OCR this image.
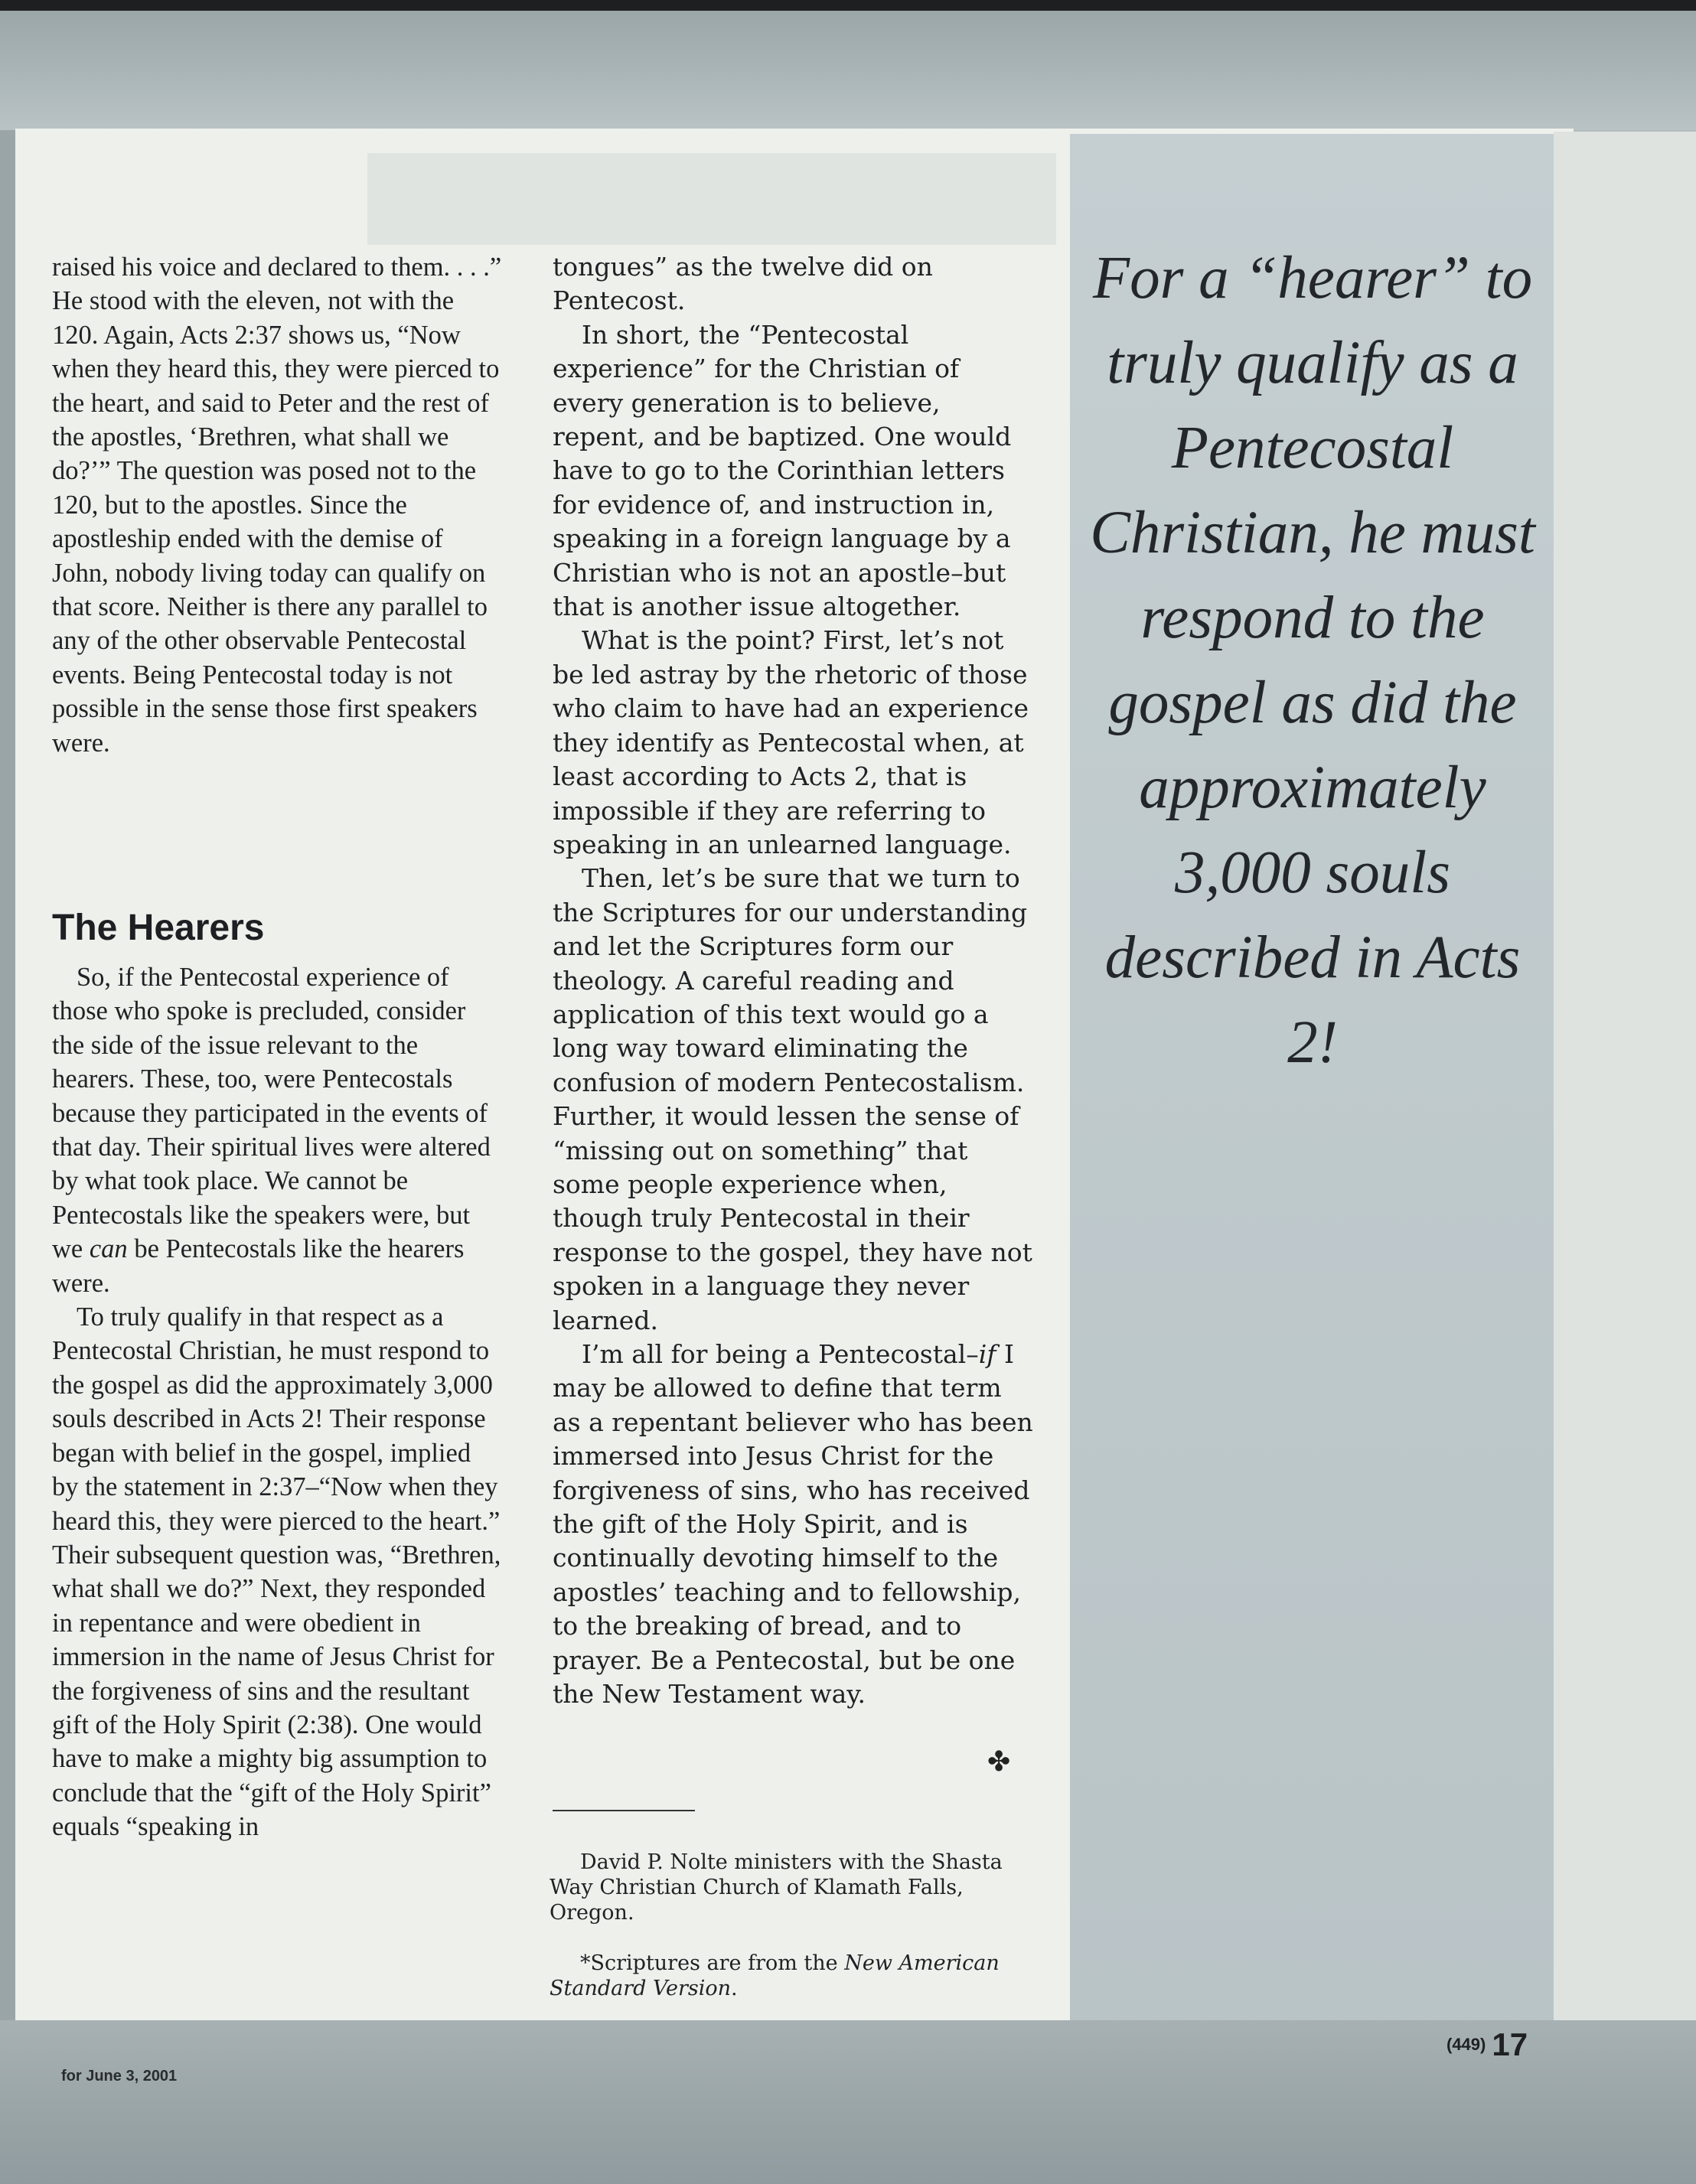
raised his voice and declared to them. . . .” He stood with the eleven, not with the 120. Again, Acts 2:37 shows us, “Now when they heard this, they were pierced to the heart, and said to Peter and the rest of the apostles, ‘Brethren, what shall we do?’” The question was posed not to the 120, but to the apostles. Since the apostleship ended with the demise of John, nobody living today can qualify on that score. Neither is there any parallel to any of the other observable Pentecostal events. Being Pentecostal today is not possible in the sense those first speakers were.

The Hearers

So, if the Pentecostal experience of those who spoke is precluded, consider the side of the issue relevant to the hearers. These, too, were Pentecostals because they participated in the events of that day. Their spiritual lives were altered by what took place. We cannot be Pentecostals like the speakers were, but we can be Pentecostals like the hearers were.

To truly qualify in that respect as a Pentecostal Christian, he must respond to the gospel as did the approximately 3,000 souls described in Acts 2! Their response began with belief in the gospel, implied by the statement in 2:37–“Now when they heard this, they were pierced to the heart.” Their subsequent question was, “Brethren, what shall we do?” Next, they responded in repentance and were obedient in immersion in the name of Jesus Christ for the forgiveness of sins and the resultant gift of the Holy Spirit (2:38). One would have to make a mighty big assumption to conclude that the “gift of the Holy Spirit” equals “speaking in

tongues” as the twelve did on Pentecost.

In short, the “Pentecostal experience” for the Christian of every generation is to believe, repent, and be baptized. One would have to go to the Corinthian letters for evidence of, and instruction in, speaking in a foreign language by a Christian who is not an apostle–but that is another issue altogether.

What is the point? First, let’s not be led astray by the rhetoric of those who claim to have had an experience they identify as Pentecostal when, at least according to Acts 2, that is impossible if they are referring to speaking in an unlearned language.

Then, let’s be sure that we turn to the Scriptures for our understanding and let the Scriptures form our theology. A careful reading and application of this text would go a long way toward eliminating the confusion of modern Pentecostalism. Further, it would lessen the sense of “missing out on something” that some people experience when, though truly Pentecostal in their response to the gospel, they have not spoken in a language they never learned.

I’m all for being a Pentecostal–if I may be allowed to define that term as a repentant believer who has been immersed into Jesus Christ for the forgiveness of sins, who has received the gift of the Holy Spirit, and is continually devoting himself to the apostles’ teaching and to fellowship, to the breaking of bread, and to prayer. Be a Pentecostal, but be one the New Testament way.

✤

David P. Nolte ministers with the Shasta Way Christian Church of Klamath Falls, Oregon.

*Scriptures are from the New American Standard Version.

For a “hearer” to truly qualify as a Pentecostal Christian, he must respond to the gospel as did the approximately 3,000 souls described in Acts 2!

for June 3, 2001
(449) 17
